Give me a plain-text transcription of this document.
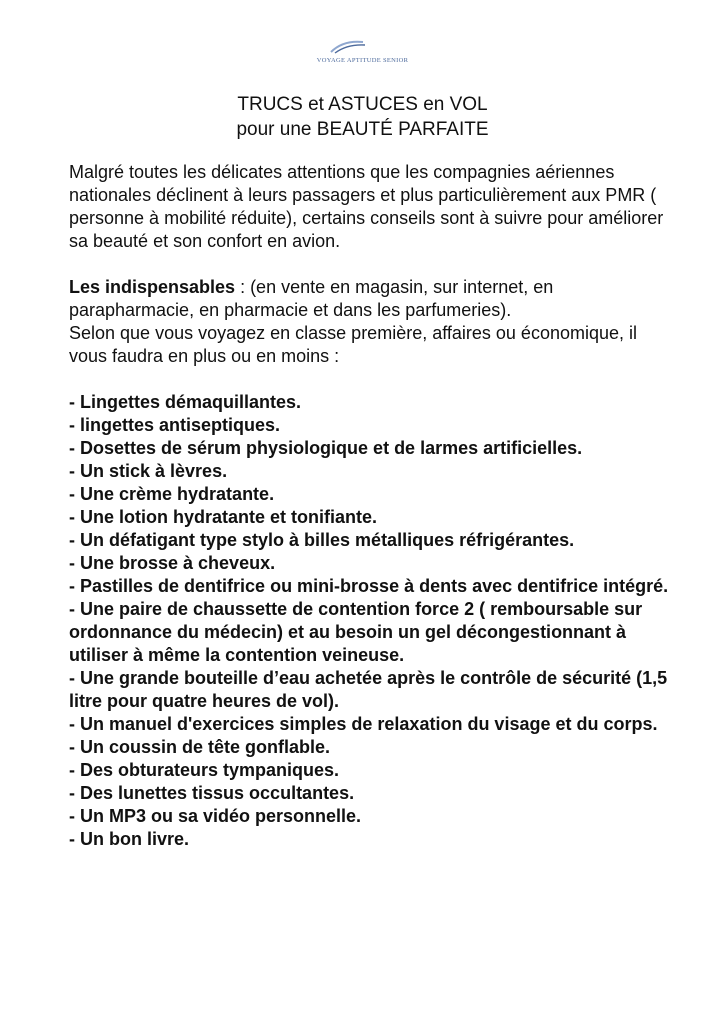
VOYAGE APTITUDE SENIOR
TRUCS et ASTUCES en VOL
pour une BEAUTÉ PARFAITE

Malgré toutes les délicates attentions que les compagnies aériennes nationales déclinent à leurs passagers et plus particulièrement aux PMR ( personne à mobilité réduite), certains conseils sont à suivre pour améliorer sa beauté et son confort en avion.

Les indispensables : (en vente en magasin, sur internet, en parapharmacie, en pharmacie et dans les parfumeries).

Selon que vous voyagez en classe première, affaires ou économique, il vous faudra en plus ou en moins :

- Lingettes démaquillantes.
- lingettes antiseptiques.
- Dosettes de sérum physiologique et de larmes artificielles.
- Un stick à lèvres.
- Une crème hydratante.
- Une lotion hydratante et tonifiante.
- Un défatigant type stylo à billes métalliques réfrigérantes.
- Une brosse à cheveux.
- Pastilles de dentifrice ou mini-brosse à dents avec dentifrice intégré.
- Une paire de chaussette de contention force 2 ( remboursable sur ordonnance du médecin) et au besoin un gel décongestionnant à utiliser à même la contention veineuse.
- Une grande bouteille d’eau achetée après le contrôle de sécurité (1,5 litre pour quatre heures de vol).
- Un manuel d'exercices simples de relaxation du visage et du corps.
- Un coussin de tête gonflable.
- Des obturateurs tympaniques.
- Des lunettes tissus occultantes.
- Un MP3 ou sa vidéo personnelle.
- Un bon livre.
